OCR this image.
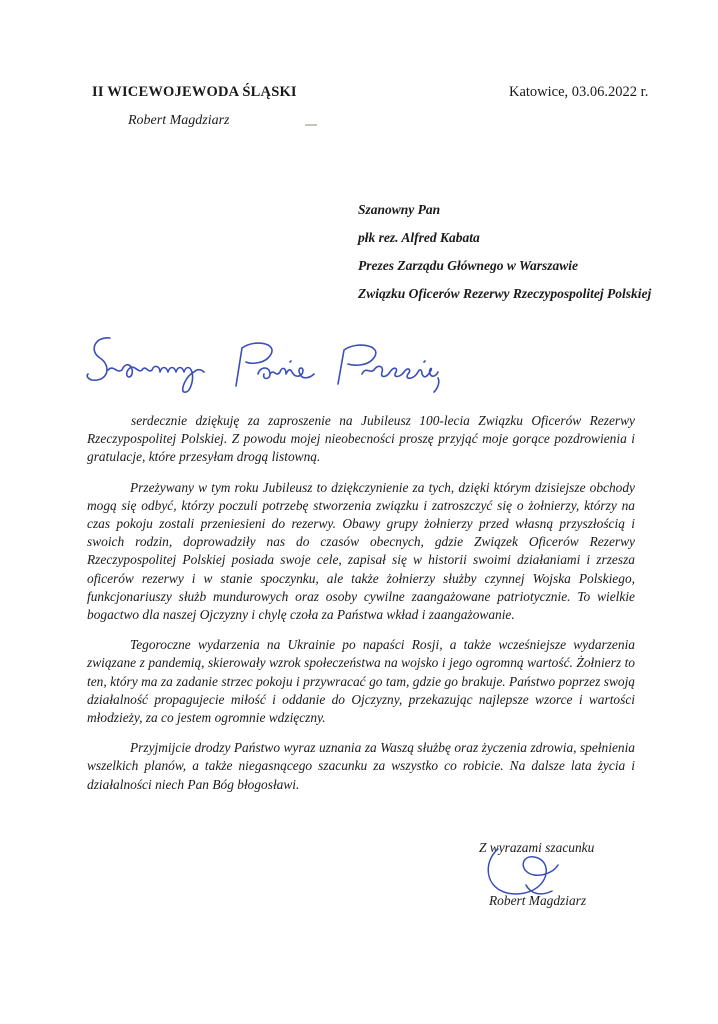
II WICEWOJEWODA ŚLĄSKI
Robert Magdziarz
Katowice, 03.06.2022 r.
Szanowny Pan
płk rez. Alfred Kabata
Prezes Zarządu Głównego w Warszawie
Związku Oficerów Rezerwy Rzeczypospolitej Polskiej

serdecznie dziękuję za zaproszenie na Jubileusz 100-lecia Związku Oficerów Rezerwy Rzeczypospolitej Polskiej. Z powodu mojej nieobecności proszę przyjąć moje gorące pozdrowienia i gratulacje, które przesyłam drogą listowną.

Przeżywany w tym roku Jubileusz to dziękczynienie za tych, dzięki którym dzisiejsze obchody mogą się odbyć, którzy poczuli potrzebę stworzenia związku i zatroszczyć się o żołnierzy, którzy na czas pokoju zostali przeniesieni do rezerwy. Obawy grupy żołnierzy przed własną przyszłością i swoich rodzin, doprowadziły nas do czasów obecnych, gdzie Związek Oficerów Rezerwy Rzeczypospolitej Polskiej posiada swoje cele, zapisał się w historii swoimi działaniami i zrzesza oficerów rezerwy i w stanie spoczynku, ale także żołnierzy służby czynnej Wojska Polskiego, funkcjonariuszy służb mundurowych oraz osoby cywilne zaangażowane patriotycznie. To wielkie bogactwo dla naszej Ojczyzny i chylę czoła za Państwa wkład i zaangażowanie.

Tegoroczne wydarzenia na Ukrainie po napaści Rosji, a także wcześniejsze wydarzenia związane z pandemią, skierowały wzrok społeczeństwa na wojsko i jego ogromną wartość. Żołnierz to ten, który ma za zadanie strzec pokoju i przywracać go tam, gdzie go brakuje. Państwo poprzez swoją działalność propagujecie miłość i oddanie do Ojczyzny, przekazując najlepsze wzorce i wartości młodzieży, za co jestem ogromnie wdzięczny.

Przyjmijcie drodzy Państwo wyraz uznania za Waszą służbę oraz życzenia zdrowia, spełnienia wszelkich planów, a także niegasnącego szacunku za wszystko co robicie. Na dalsze lata życia i działalności niech Pan Bóg błogosławi.

Z wyrazami szacunku
Robert Magdziarz
